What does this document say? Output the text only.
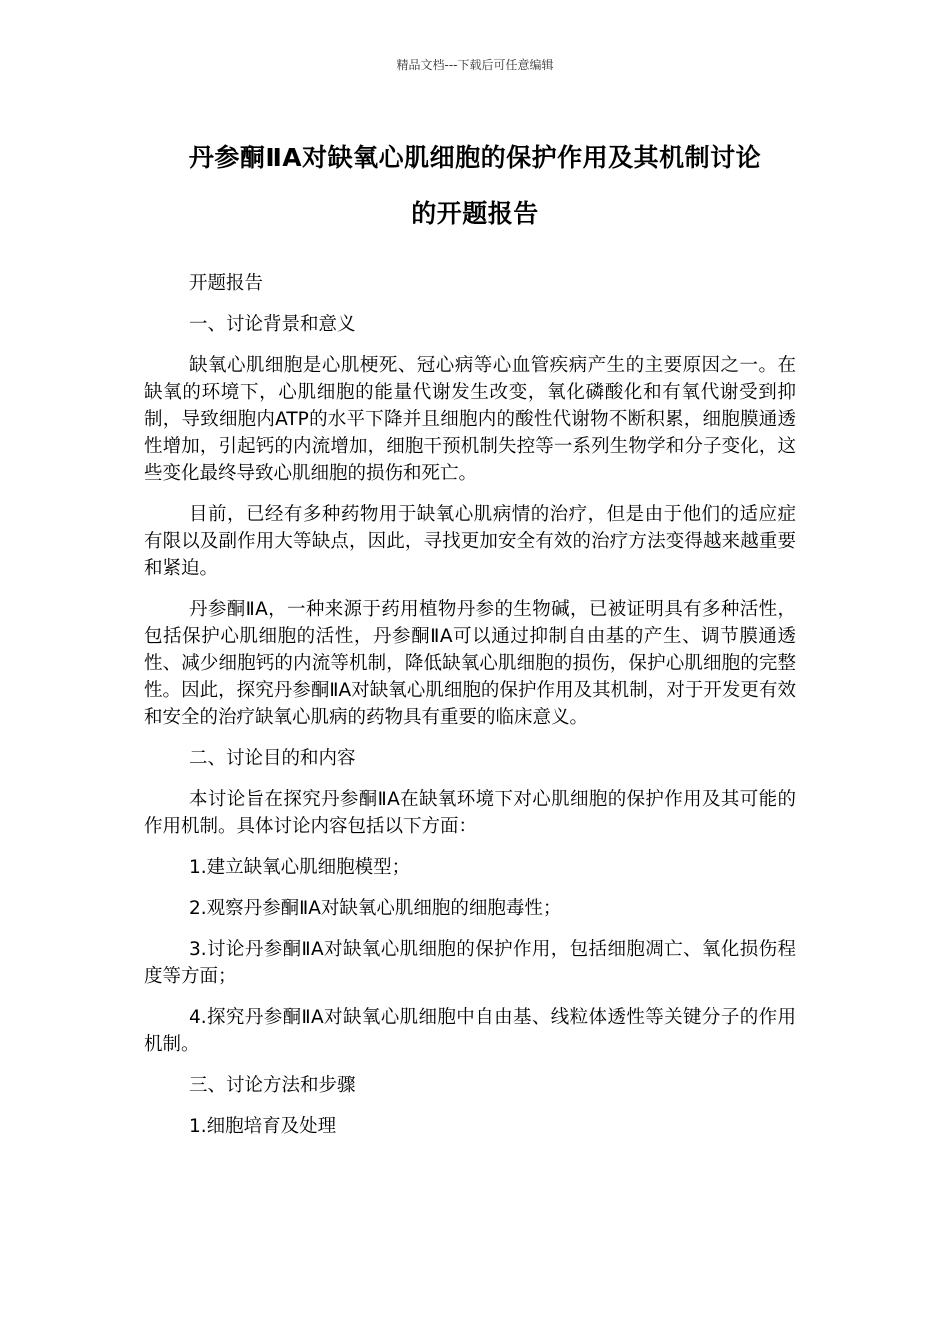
精品文档---下载后可任意编辑
丹参酮ⅡA对缺氧心肌细胞的保护作用及其机制讨论
的开题报告

开题报告

一、讨论背景和意义

缺氧心肌细胞是心肌梗死、冠心病等心血管疾病产生的主要原因之一。在缺氧的环境下，心肌细胞的能量代谢发生改变，氧化磷酸化和有氧代谢受到抑制，导致细胞内ATP的水平下降并且细胞内的酸性代谢物不断积累，细胞膜通透性增加，引起钙的内流增加，细胞干预机制失控等一系列生物学和分子变化，这些变化最终导致心肌细胞的损伤和死亡。

目前，已经有多种药物用于缺氧心肌病情的治疗，但是由于他们的适应症有限以及副作用大等缺点，因此，寻找更加安全有效的治疗方法变得越来越重要和紧迫。

丹参酮ⅡA，一种来源于药用植物丹参的生物碱，已被证明具有多种活性，包括保护心肌细胞的活性，丹参酮ⅡA可以通过抑制自由基的产生、调节膜通透性、减少细胞钙的内流等机制，降低缺氧心肌细胞的损伤，保护心肌细胞的完整性。因此，探究丹参酮ⅡA对缺氧心肌细胞的保护作用及其机制，对于开发更有效和安全的治疗缺氧心肌病的药物具有重要的临床意义。

二、讨论目的和内容

本讨论旨在探究丹参酮ⅡA在缺氧环境下对心肌细胞的保护作用及其可能的作用机制。具体讨论内容包括以下方面：

1.建立缺氧心肌细胞模型；

2.观察丹参酮ⅡA对缺氧心肌细胞的细胞毒性；

3.讨论丹参酮ⅡA对缺氧心肌细胞的保护作用，包括细胞凋亡、氧化损伤程度等方面；

4.探究丹参酮ⅡA对缺氧心肌细胞中自由基、线粒体透性等关键分子的作用机制。

三、讨论方法和步骤

1.细胞培育及处理
